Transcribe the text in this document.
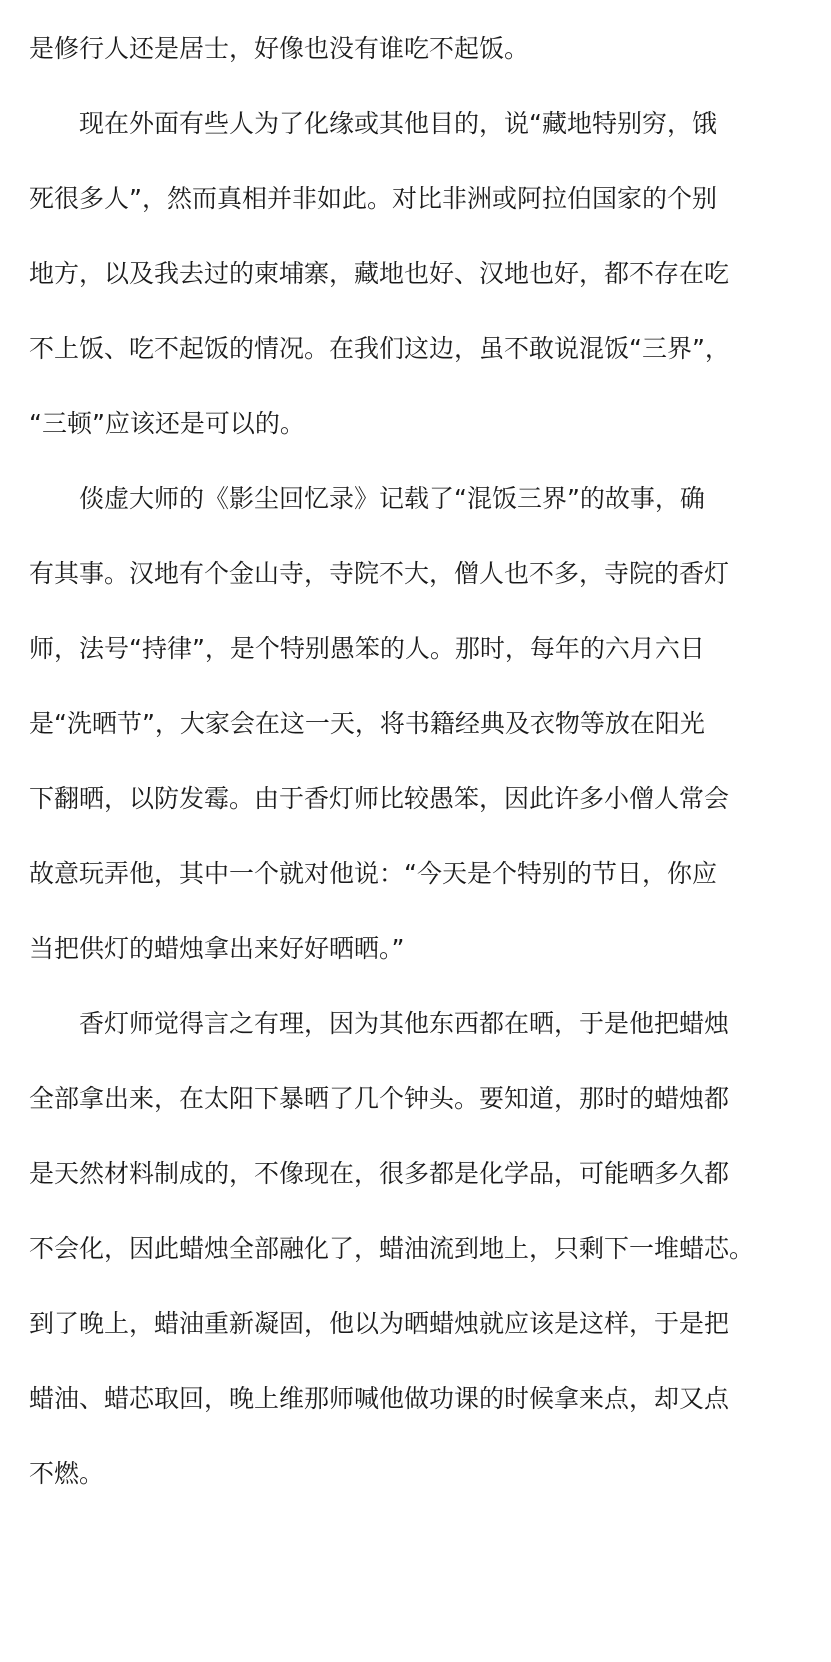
是修行人还是居士，好像也没有谁吃不起饭。
现在外面有些人为了化缘或其他目的，说“藏地特别穷，饿
死很多人”，然而真相并非如此。对比非洲或阿拉伯国家的个别
地方，以及我去过的柬埔寨，藏地也好、汉地也好，都不存在吃
不上饭、吃不起饭的情况。在我们这边，虽不敢说混饭“三界”，
“三顿”应该还是可以的。
倓虚大师的《影尘回忆录》记载了“混饭三界”的故事，确
有其事。汉地有个金山寺，寺院不大，僧人也不多，寺院的香灯
师，法号“持律”，是个特别愚笨的人。那时，每年的六月六日
是“洗晒节”，大家会在这一天，将书籍经典及衣物等放在阳光
下翻晒，以防发霉。由于香灯师比较愚笨，因此许多小僧人常会
故意玩弄他，其中一个就对他说：“今天是个特别的节日，你应
当把供灯的蜡烛拿出来好好晒晒。”
香灯师觉得言之有理，因为其他东西都在晒，于是他把蜡烛
全部拿出来，在太阳下暴晒了几个钟头。要知道，那时的蜡烛都
是天然材料制成的，不像现在，很多都是化学品，可能晒多久都
不会化，因此蜡烛全部融化了，蜡油流到地上，只剩下一堆蜡芯。
到了晚上，蜡油重新凝固，他以为晒蜡烛就应该是这样，于是把
蜡油、蜡芯取回，晚上维那师喊他做功课的时候拿来点，却又点
不燃。
